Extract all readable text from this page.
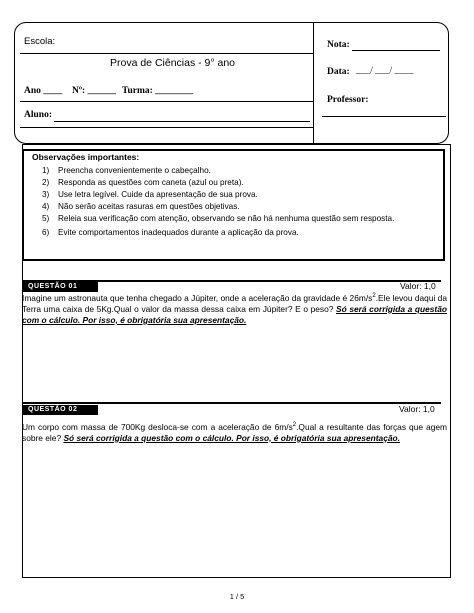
Escola:
Prova de Ciências - 9° ano
Ano ____ Nº: ______ Turma: ________
Aluno:
Nota:
Data: ___/ ___/ ____
Professor:
Observações importantes:
1) Preencha convenientemente o cabeçalho.
2) Responda as questões com caneta (azul ou preta).
3) Use letra legível. Cuide da apresentação de sua prova.
4) Não serão aceitas rasuras em questões objetivas.
5) Releia sua verificação com atenção, observando se não há nenhuma questão sem resposta.
6) Evite comportamentos inadequados durante a aplicação da prova.
QUESTÃO 01	Valor: 1,0
Imagine um astronauta que tenha chegado a Júpiter, onde a aceleração da gravidade é $26m/s^2.Ele$ levou daqui da Terra uma caixa de 5Kg.Qual o valor da massa dessa caixa em Júpiter? E o peso? Só será corrigida a questão com o cálculo. Por isso, é obrigatória sua apresentação.
QUESTÃO 02	Valor: 1,0
Um corpo com massa de 700Kg desloca-se com a aceleração de $6m/s^2.Qual$ a resultante das forças que agem sobre ele? Só será corrigida a questão com o cálculo. Por isso, é obrigatória sua apresentação.
1 / 5
